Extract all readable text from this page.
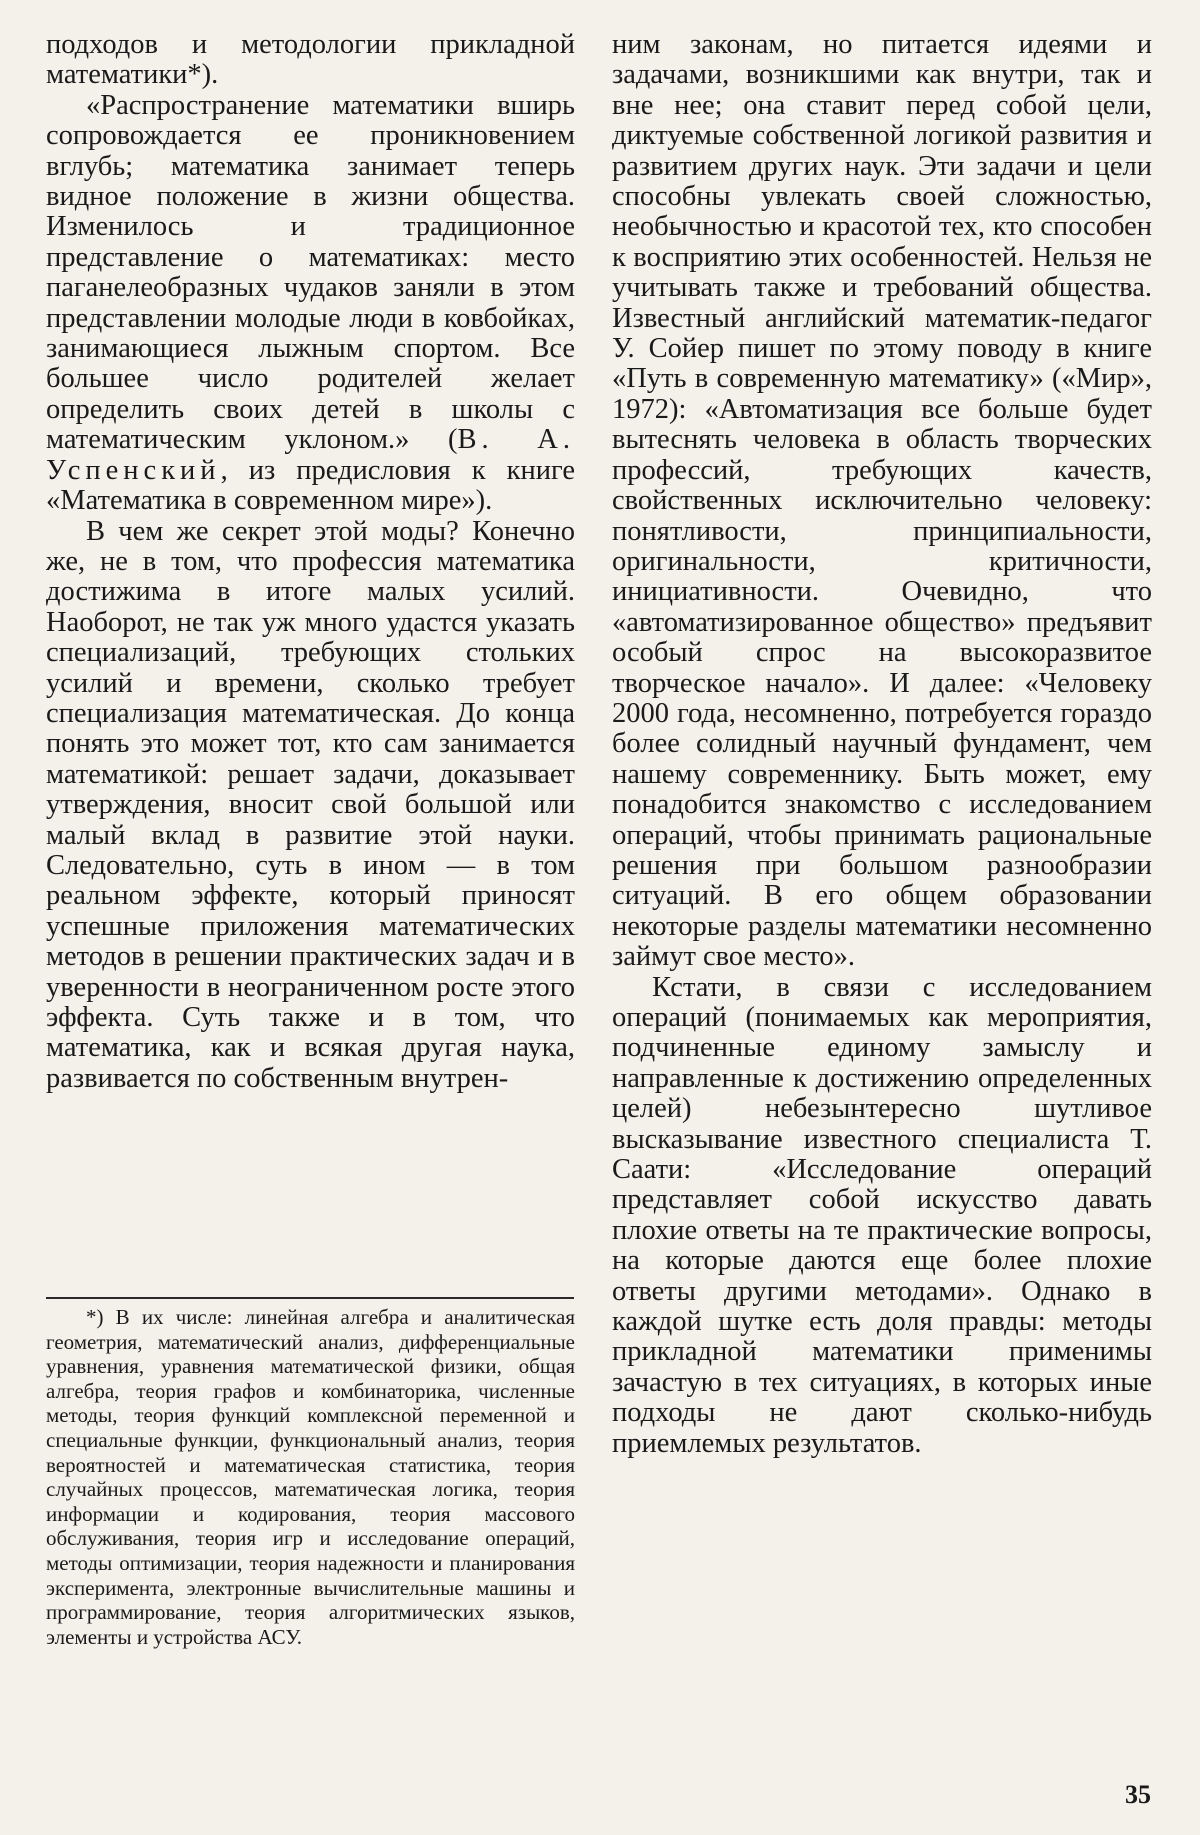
подходов и методологии прикладной математики*).

«Распространение математики вширь сопровождается ее проникновением вглубь; математика занимает теперь видное положение в жизни общества. Изменилось и традиционное представление о математиках: место паганелеобразных чудаков заняли в этом представлении молодые люди в ковбойках, занимающиеся лыжным спортом. Все большее число родителей желает определить своих детей в школы с математическим уклоном.» (В. А. Успенский, из предисловия к книге «Математика в современном мире»).

В чем же секрет этой моды? Конечно же, не в том, что профессия математика достижима в итоге малых усилий. Наоборот, не так уж много удастся указать специализаций, требующих стольких усилий и времени, сколько требует специализация математическая. До конца понять это может тот, кто сам занимается математикой: решает задачи, доказывает утверждения, вносит свой большой или малый вклад в развитие этой науки. Следовательно, суть в ином — в том реальном эффекте, который приносят успешные приложения математических методов в решении практических задач и в уверенности в неограниченном росте этого эффекта. Суть также и в том, что математика, как и всякая другая наука, развивается по собственным внутрен-

*) В их числе: линейная алгебра и аналитическая геометрия, математический анализ, дифференциальные уравнения, уравнения математической физики, общая алгебра, теория графов и комбинаторика, численные методы, теория функций комплексной переменной и специальные функции, функциональный анализ, теория вероятностей и математическая статистика, теория случайных процессов, математическая логика, теория информации и кодирования, теория массового обслуживания, теория игр и исследование операций, методы оптимизации, теория надежности и планирования эксперимента, электронные вычислительные машины и программирование, теория алгоритмических языков, элементы и устройства АСУ.

ним законам, но питается идеями и задачами, возникшими как внутри, так и вне нее; она ставит перед собой цели, диктуемые собственной логикой развития и развитием других наук. Эти задачи и цели способны увлекать своей сложностью, необычностью и красотой тех, кто способен к восприятию этих особенностей. Нельзя не учитывать также и требований общества. Известный английский математик-педагог У. Сойер пишет по этому поводу в книге «Путь в современную математику» («Мир», 1972): «Автоматизация все больше будет вытеснять человека в область творческих профессий, требующих качеств, свойственных исключительно человеку: понятливости, принципиальности, оригинальности, критичности, инициативности. Очевидно, что «автоматизированное общество» предъявит особый спрос на высокоразвитое творческое начало». И далее: «Человеку 2000 года, несомненно, потребуется гораздо более солидный научный фундамент, чем нашему современнику. Быть может, ему понадобится знакомство с исследованием операций, чтобы принимать рациональные решения при большом разнообразии ситуаций. В его общем образовании некоторые разделы математики несомненно займут свое место».

Кстати, в связи с исследованием операций (понимаемых как мероприятия, подчиненные единому замыслу и направленные к достижению определенных целей) небезынтересно шутливое высказывание известного специалиста Т. Саати: «Исследование операций представляет собой искусство давать плохие ответы на те практические вопросы, на которые даются еще более плохие ответы другими методами». Однако в каждой шутке есть доля правды: методы прикладной математики применимы зачастую в тех ситуациях, в которых иные подходы не дают сколько-нибудь приемлемых результатов.

35
